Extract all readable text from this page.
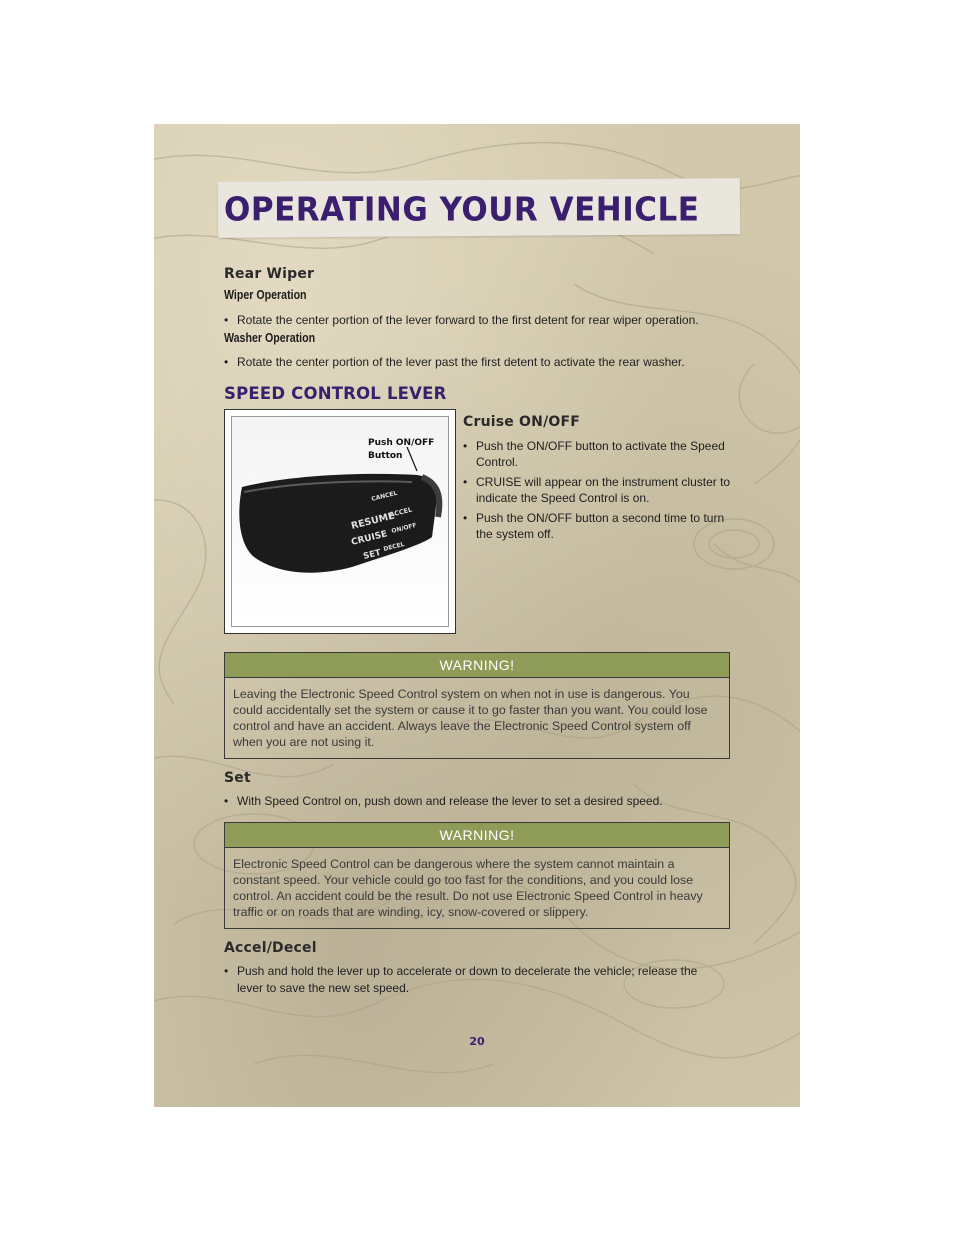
OPERATING YOUR VEHICLE
Rear Wiper

Wiper Operation

• Rotate the center portion of the lever forward to the first detent for rear wiper operation.

Washer Operation

• Rotate the center portion of the lever past the first detent to activate the rear washer.

SPEED CONTROL LEVER
CANCEL
RESUME
ACCEL
CRUISE
ON/OFF
SET
DECEL
Push ON/OFF
Button
Cruise ON/OFF

• Push the ON/OFF button to activate the Speed Control.

• CRUISE will appear on the instrument cluster to indicate the Speed Control is on.

• Push the ON/OFF button a second time to turn the system off.

WARNING!
Leaving the Electronic Speed Control system on when not in use is dangerous. You could accidentally set the system or cause it to go faster than you want. You could lose control and have an accident. Always leave the Electronic Speed Control system off when you are not using it.
Set

• With Speed Control on, push down and release the lever to set a desired speed.

WARNING!
Electronic Speed Control can be dangerous where the system cannot maintain a constant speed. Your vehicle could go too fast for the conditions, and you could lose control. An accident could be the result. Do not use Electronic Speed Control in heavy traffic or on roads that are winding, icy, snow-covered or slippery.
Accel/Decel

• Push and hold the lever up to accelerate or down to decelerate the vehicle; release the lever to save the new set speed.

20
